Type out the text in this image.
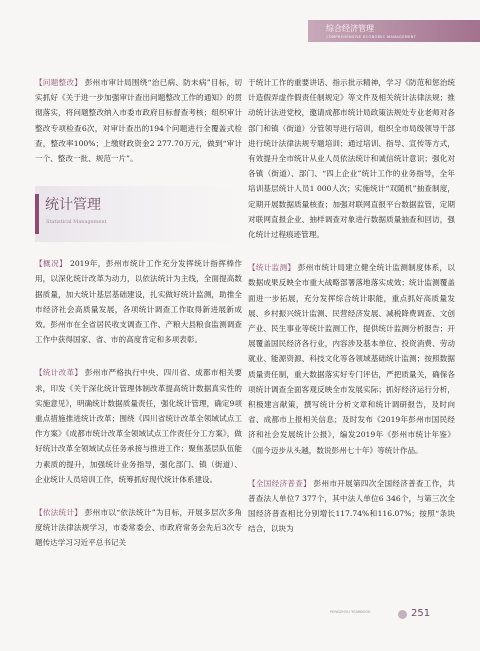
综合经济管理
COMPREHENSIVE ECONOMIC MANAGEMENT

【问题整改】 彭州市审计局围绕“治已病、防未病”目标，切实抓好《关于进一步加强审计查出问题整改工作的通知》的贯彻落实，将问题整改纳入市委市政府目标督查考核；组织审计整改专项检查6次，对审计查出的194个问题进行全覆盖式检查，整改率100%；上缴财政资金2 277.70万元，做到“审计一个、整改一批、规范一片”。

统计管理
Statistical Management

【概况】 2019年，彭州市统计工作充分发挥统计指挥棒作用，以深化统计改革为动力，以依法统计为主线，全面提高数据质量，加大统计基层基础建设，扎实做好统计监测，助推全市经济社会高质量发展，各项统计调查工作取得新进展新成效。彭州市在全省居民收支调查工作、产粮大县粮食监测调查工作中获得国家、省、市的高度肯定和多项表彰。

【统计改革】 彭州市严格执行中央、四川省、成都市相关要求，印发《关于深化统计管理体制改革提高统计数据真实性的实施意见》，明确统计数据质量责任，强化统计管理，确定9项重点措施推进统计改革；围绕《四川省统计改革全领域试点工作方案》《成都市统计改革全领域试点工作责任分工方案》，做好统计改革全领域试点任务承接与推进工作；聚焦基层队伍能力素质的提升，加强统计业务指导，强化部门、镇（街道）、企业统计人员培训工作，统筹抓好现代统计体系建设。

【依法统计】 彭州市以“依法统计”为目标，开展多层次多角度统计法律法规学习，市委常委会、市政府常务会先后3次专题传达学习习近平总书记关

于统计工作的重要讲话、指示批示精神，学习《防范和惩治统计造假弄虚作假责任制规定》等文件及相关统计法律法规；推动统计法进党校，邀请成都市统计局政策法规处专业老师对各部门和镇（街道）分管领导进行培训，组织全市局级领导干部进行统计法律法规专题培训；通过培训、指导、宣传等方式，有效提升全市统计从业人员依法统计和诚信统计意识；强化对各镇（街道）、部门、“四上企业”统计工作的业务指导，全年培训基层统计人员1 000人次；实施统计“双随机”抽查制度，定期开展数据质量核查；加强对联网直报平台数据监管，定期对联网直报企业、抽样调查对象进行数据质量抽查和回访，强化统计过程痕迹管理。

【统计监测】 彭州市统计局建立健全统计监测制度体系，以数据成果反映全市重大战略部署落地落实成效；统计监测覆盖面进一步拓展，充分发挥综合统计职能，重点抓好高质量发展、乡村振兴统计监测、民营经济发展、减税降费调查、文创产业、民生事业等统计监测工作，提供统计监测分析报告；开展覆盖国民经济各行业，内容涉及基本单位、投资消费、劳动就业、能源资源、科技文化等各领域基础统计监测；按照数据质量责任制，重大数据落实好专门评估，严把质量关，确保各项统计调查全面客观反映全市发展实际；抓好经济运行分析，积极建言献策，撰写统计分析文章和统计调研报告，及时向省、成都市上报相关信息；及时发布《2019年彭州市国民经济和社会发展统计公报》，编发2019年《彭州市统计年鉴》《面今迈步从头越，数说彭州七十年》等统计作品。

【全国经济普查】 彭州市开展第四次全国经济普查工作，共普查法人单位7 377个，其中法人单位6 346个，与第三次全国经济普查相比分别增长117.74%和116.07%；按照“条块结合，以块为

PENGZHOU YEARBOOK	251
